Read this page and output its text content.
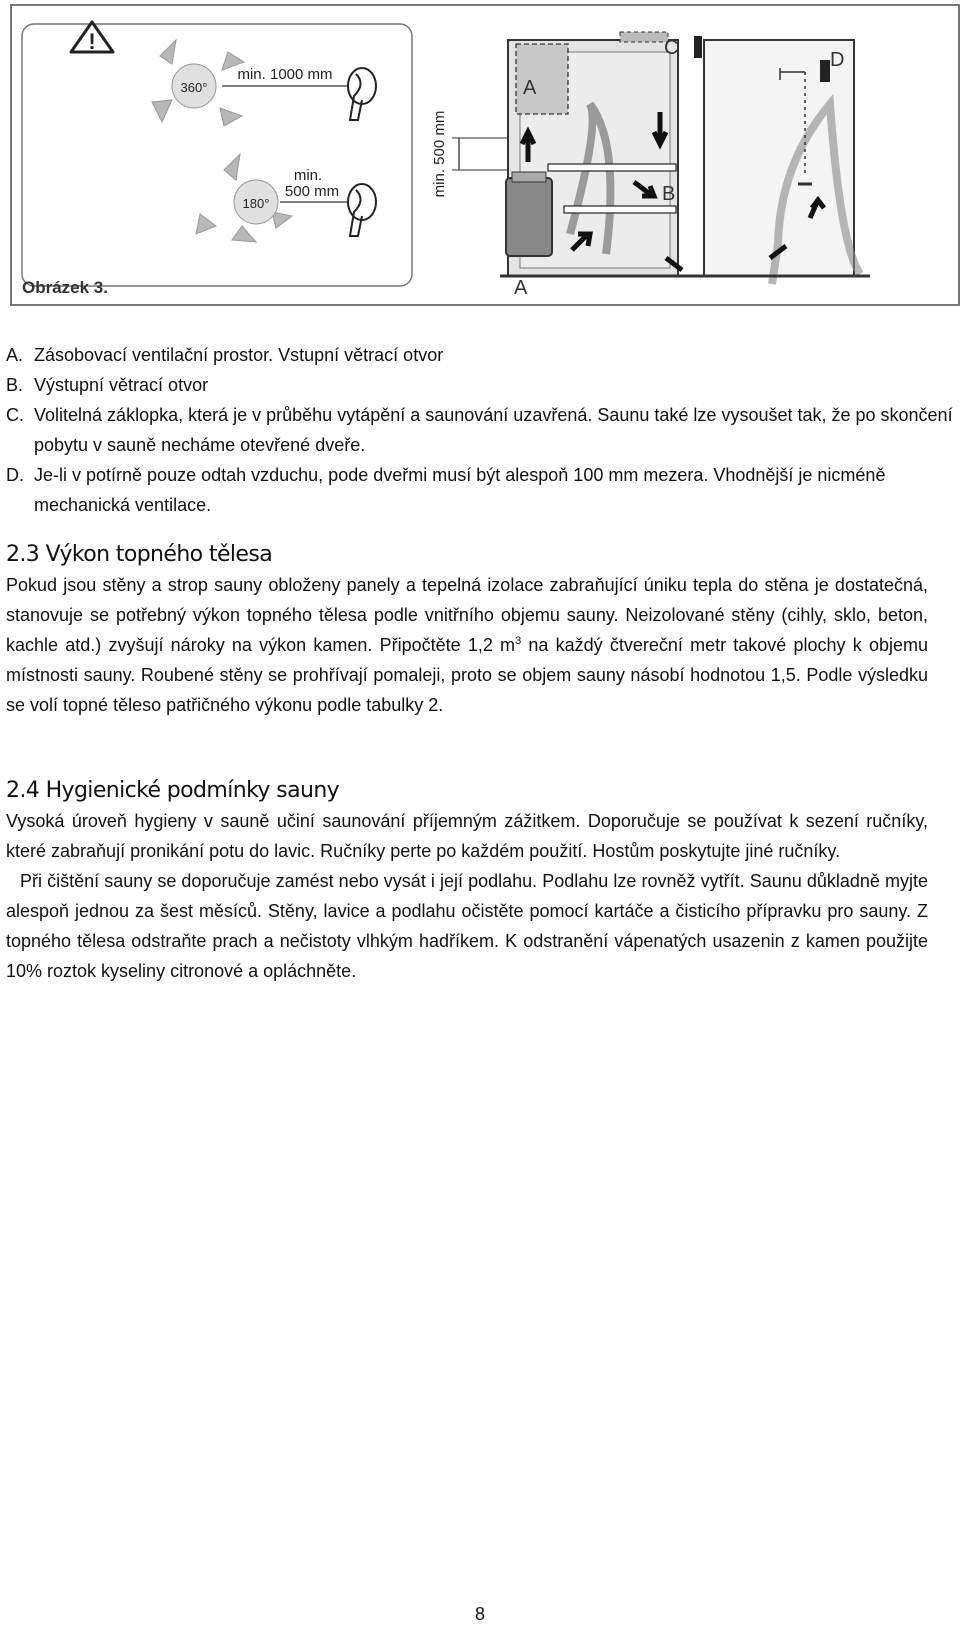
!
360°
min. 1000 mm
180°
min.
500 mm
Obrázek 3.
min. 500 mm
A
A
B
C
D
A. Zásobovací ventilační prostor. Vstupní větrací otvor
B. Výstupní větrací otvor
C. Volitelná záklopka, která je v průběhu vytápění a saunování uzavřená. Saunu také lze vysoušet tak, že po skončení pobytu v sauně necháme otevřené dveře.
D. Je-li v potírně pouze odtah vzduchu, pode dveřmi musí být alespoň 100 mm mezera. Vhodnější je nicméně mechanická ventilace.
2.3 Výkon topného tělesa

Pokud jsou stěny a strop sauny obloženy panely a tepelná izolace zabraňující úniku tepla do stěna je dostatečná, stanovuje se potřebný výkon topného tělesa podle vnitřního objemu sauny. Neizolované stěny (cihly, sklo, beton, kachle atd.) zvyšují nároky na výkon kamen. Připočtěte 1,2 $m^3$ na každý čtvereční metr takové plochy k objemu místnosti sauny. Roubené stěny se prohřívají pomaleji, proto se objem sauny násobí hodnotou 1,5. Podle výsledku se volí topné těleso patřičného výkonu podle tabulky 2.

2.4 Hygienické podmínky sauny

Vysoká úroveň hygieny v sauně učiní saunování příjemným zážitkem. Doporučuje se používat k sezení ručníky, které zabraňují pronikání potu do lavic. Ručníky perte po každém použití. Hostům poskytujte jiné ručníky.

Při čištění sauny se doporučuje zamést nebo vysát i její podlahu. Podlahu lze rovněž vytřít. Saunu důkladně myjte alespoň jednou za šest měsíců. Stěny, lavice a podlahu očistěte pomocí kartáče a čisticího přípravku pro sauny. Z topného tělesa odstraňte prach a nečistoty vlhkým hadříkem. K odstranění vápenatých usazenin z kamen použijte 10% roztok kyseliny citronové a opláchněte.

8
